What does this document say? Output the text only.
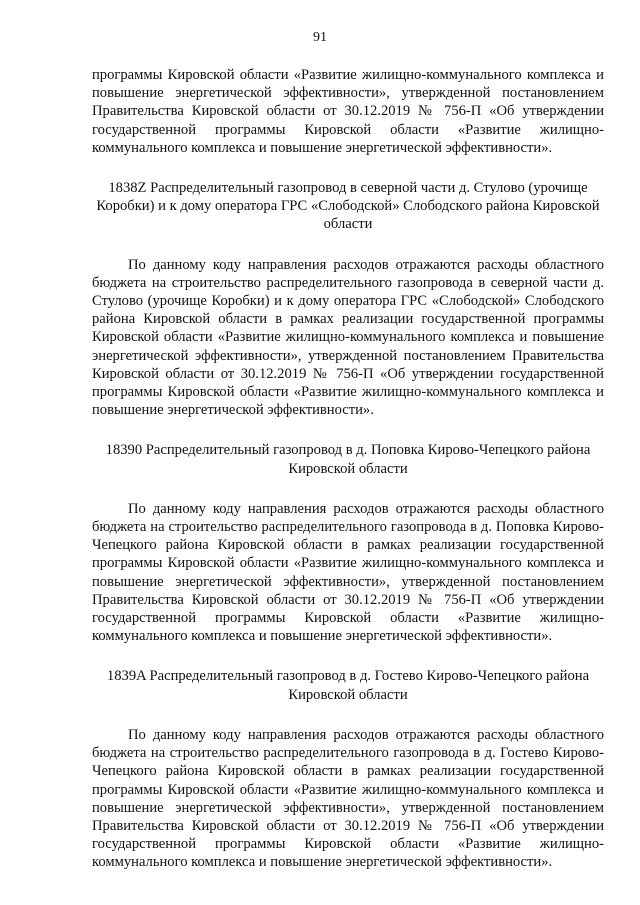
91

программы Кировской области «Развитие жилищно-коммунального комплекса и повышение энергетической эффективности», утвержденной постановлением Правительства Кировской области от 30.12.2019 № 756-П «Об утверждении государственной программы Кировской области «Развитие жилищно-коммунального комплекса и повышение энергетической эффективности».

1838Z Распределительный газопровод в северной части д. Стулово (урочище Коробки) и к дому оператора ГРС «Слободской» Слободского района Кировской области

По данному коду направления расходов отражаются расходы областного бюджета на строительство распределительного газопровода в северной части д. Стулово (урочище Коробки) и к дому оператора ГРС «Слободской» Слободского района Кировской области в рамках реализации государственной программы Кировской области «Развитие жилищно-коммунального комплекса и повышение энергетической эффективности», утвержденной постановлением Правительства Кировской области от 30.12.2019 № 756-П «Об утверждении государственной программы Кировской области «Развитие жилищно-коммунального комплекса и повышение энергетической эффективности».

18390 Распределительный газопровод в д. Поповка Кирово-Чепецкого района Кировской области

По данному коду направления расходов отражаются расходы областного бюджета на строительство распределительного газопровода в д. Поповка Кирово-Чепецкого района Кировской области в рамках реализации государственной программы Кировской области «Развитие жилищно-коммунального комплекса и повышение энергетической эффективности», утвержденной постановлением Правительства Кировской области от 30.12.2019 № 756-П «Об утверждении государственной программы Кировской области «Развитие жилищно-коммунального комплекса и повышение энергетической эффективности».

1839A Распределительный газопровод в д. Гостево Кирово-Чепецкого района Кировской области

По данному коду направления расходов отражаются расходы областного бюджета на строительство распределительного газопровода в д. Гостево Кирово-Чепецкого района Кировской области в рамках реализации государственной программы Кировской области «Развитие жилищно-коммунального комплекса и повышение энергетической эффективности», утвержденной постановлением Правительства Кировской области от 30.12.2019 № 756-П «Об утверждении государственной программы Кировской области «Развитие жилищно-коммунального комплекса и повышение энергетической эффективности».
